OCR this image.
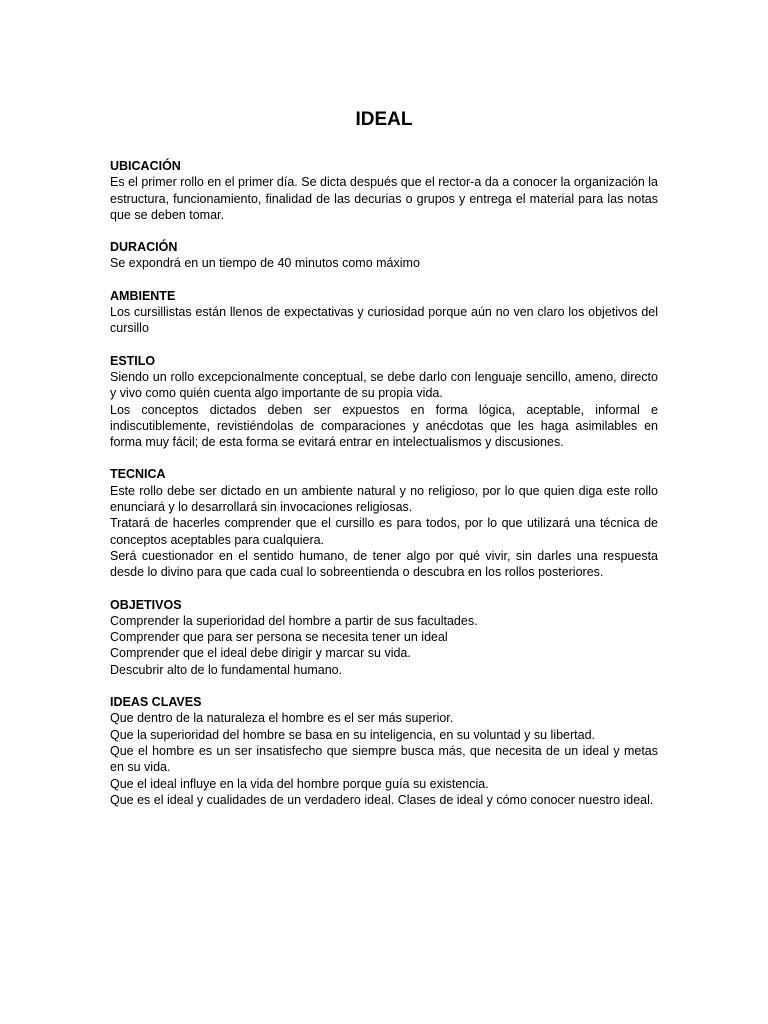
IDEAL

UBICACIÓN

Es el primer rollo en el primer día. Se dicta después que el rector-a da a conocer la organización la estructura, funcionamiento, finalidad de las decurias o grupos y entrega el material para las notas que se deben tomar.

DURACIÓN

Se expondrá en un tiempo de 40 minutos como máximo

AMBIENTE

Los cursillistas están llenos de expectativas y curiosidad porque aún no ven claro los objetivos del cursillo

ESTILO

Siendo un rollo excepcionalmente conceptual, se debe darlo con lenguaje sencillo, ameno, directo y vivo como quién cuenta algo importante de su propia vida.

Los conceptos dictados deben ser expuestos en forma lógica, aceptable, informal e indiscutiblemente, revistiéndolas de comparaciones y anécdotas que les haga asimilables en forma muy fácil; de esta forma se evitará entrar en intelectualismos y discusiones.

TECNICA

Este rollo debe ser dictado en un ambiente natural y no religioso, por lo que quien diga este rollo enunciará y lo desarrollará sin invocaciones religiosas.

Tratará de hacerles comprender que el cursillo es para todos, por lo que utilizará una técnica de conceptos aceptables para cualquiera.

Será cuestionador en el sentido humano, de tener algo por qué vivir, sin darles una respuesta desde lo divino para que cada cual lo sobreentienda o descubra en los rollos posteriores.

OBJETIVOS

Comprender la superioridad del hombre a partir de sus facultades.

Comprender que para ser persona se necesita tener un ideal

Comprender que el ideal debe dirigir y marcar su vida.

Descubrir alto de lo fundamental humano.

IDEAS CLAVES

Que dentro de la naturaleza el hombre es el ser más superior.

Que la superioridad del hombre se basa en su inteligencia, en su voluntad y su libertad.

Que el hombre es un ser insatisfecho que siempre busca más, que necesita de un ideal y metas en su vida.

Que el ideal influye en la vida del hombre porque guía su existencia.

Que es el ideal y cualidades de un verdadero ideal. Clases de ideal y cómo conocer nuestro ideal.
